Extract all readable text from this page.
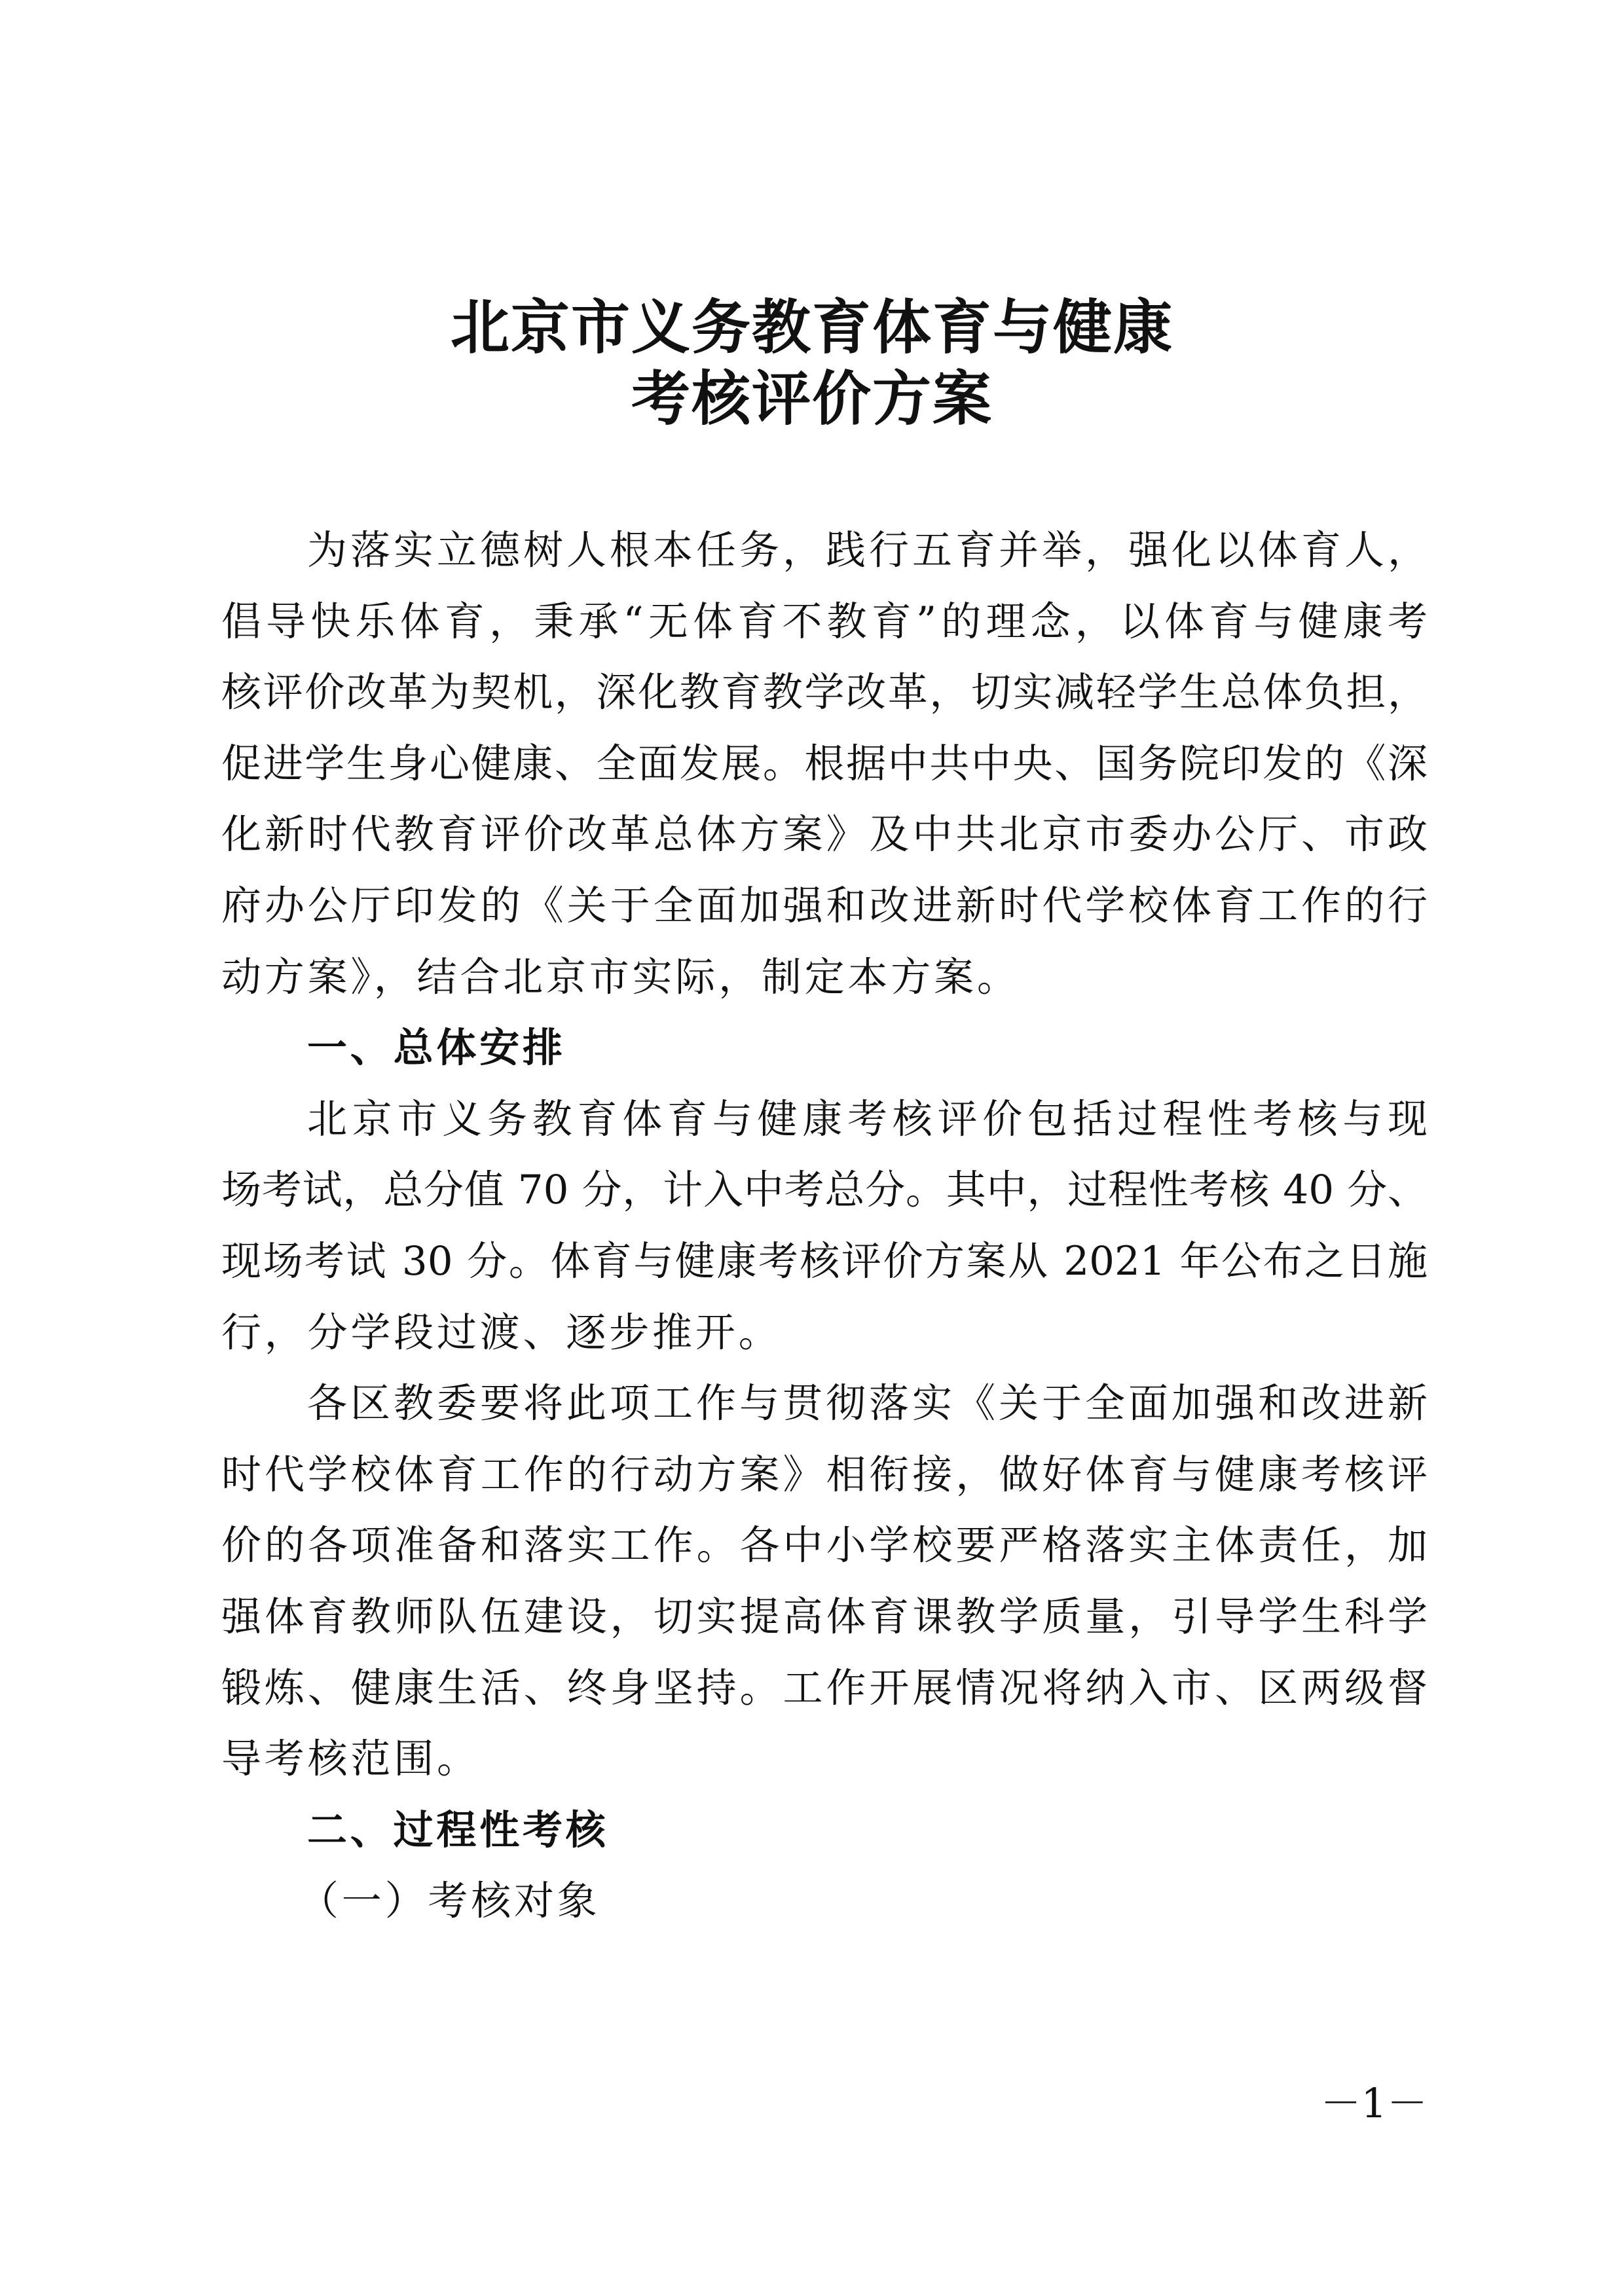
北京市义务教育体育与健康
考核评价方案
为落实立德树人根本任务，践行五育并举，强化以体育人，
倡导快乐体育，秉承“无体育不教育”的理念，以体育与健康考
核评价改革为契机，深化教育教学改革，切实减轻学生总体负担，
促进学生身心健康、全面发展。根据中共中央、国务院印发的《深
化新时代教育评价改革总体方案》及中共北京市委办公厅、市政
府办公厅印发的《关于全面加强和改进新时代学校体育工作的行
动方案》，结合北京市实际，制定本方案。
一、总体安排
北京市义务教育体育与健康考核评价包括过程性考核与现
场考试，总分值 70 分，计入中考总分。其中，过程性考核 40 分、
现场考试 30 分。体育与健康考核评价方案从 2021 年公布之日施
行，分学段过渡、逐步推开。
各区教委要将此项工作与贯彻落实《关于全面加强和改进新
时代学校体育工作的行动方案》相衔接，做好体育与健康考核评
价的各项准备和落实工作。各中小学校要严格落实主体责任，加
强体育教师队伍建设，切实提高体育课教学质量，引导学生科学
锻炼、健康生活、终身坚持。工作开展情况将纳入市、区两级督
导考核范围。
二、过程性考核
（一）考核对象
－1－
